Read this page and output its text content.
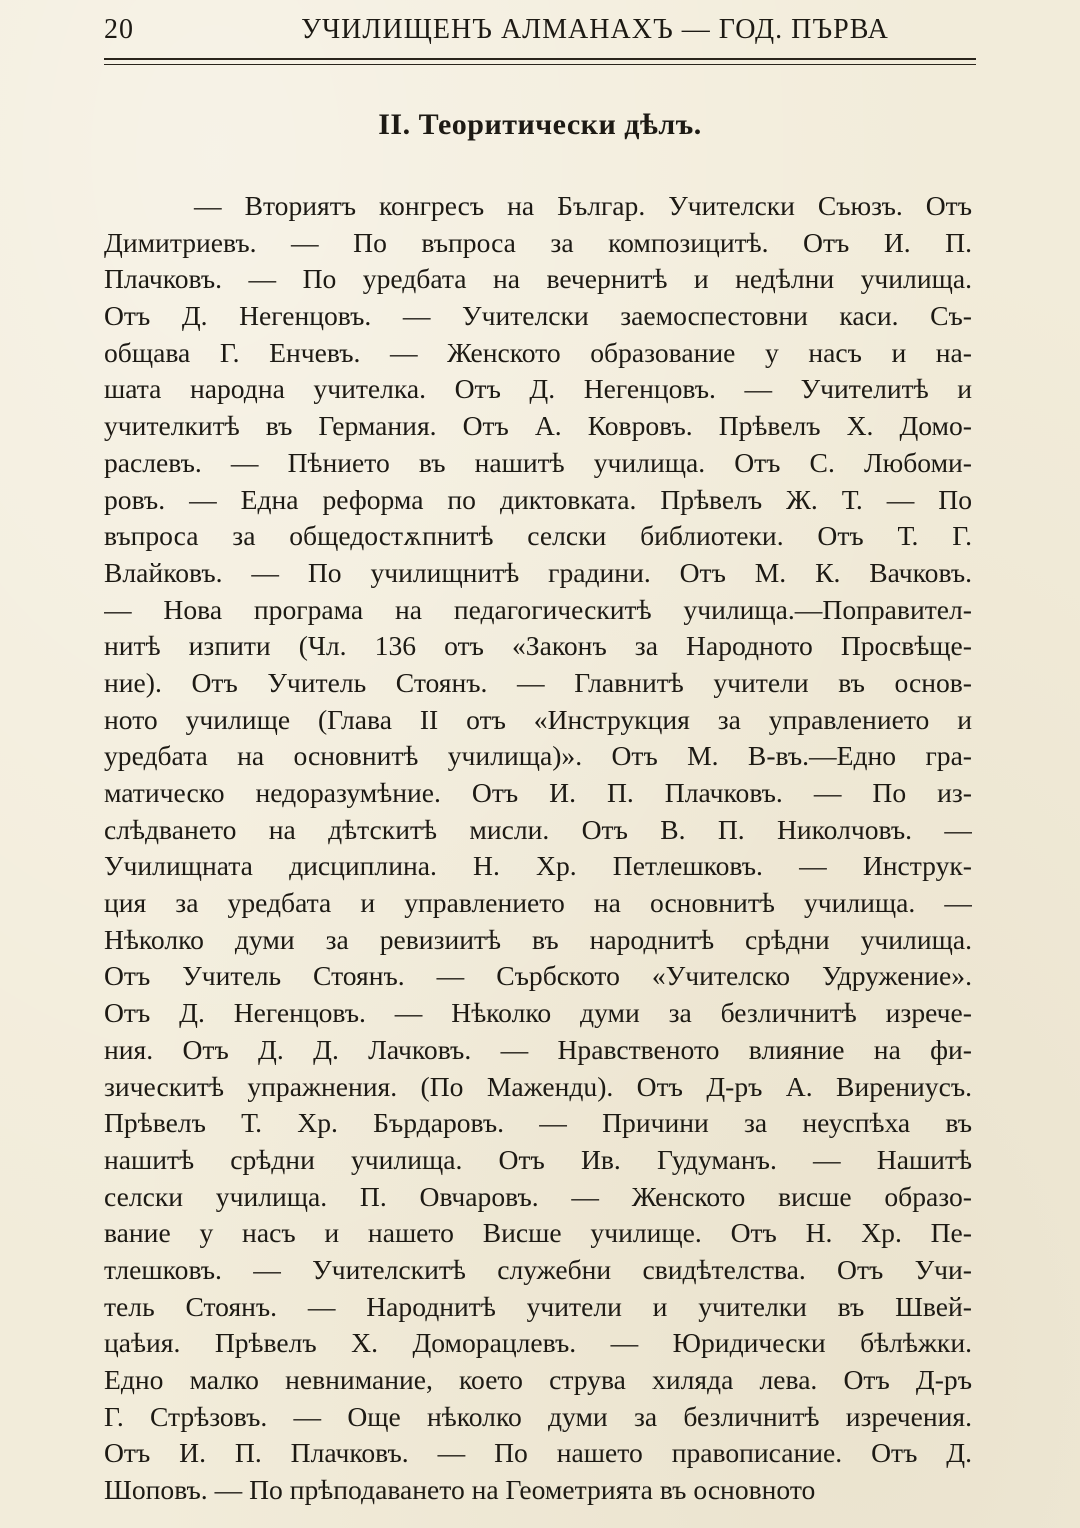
20	УЧИЛИЩЕНЪ АЛМАНАХЪ — ГОД. ПЪРВА
II. Теоритически дѣлъ.
— Вториятъ конгресъ на Българ. Учителски Съюзъ. Отъ
Димитриевъ. — По въпроса за композицитѣ. Отъ И. П.
Плачковъ. — По уредбата на вечернитѣ и недѣлни училища.
Отъ Д. Негенцовъ. — Учителски заемоспестовни каси. Съ-
общава Г. Енчевъ. — Женското образование у насъ и на-
шата народна учителка. Отъ Д. Негенцовъ. — Учителитѣ и
учителкитѣ въ Германия. Отъ А. Ковровъ. Прѣвелъ Х. Домо-
раслевъ. — Пѣнието въ нашитѣ училища. Отъ С. Любоми-
ровъ. — Една реформа по диктовката. Прѣвелъ Ж. Т. — По
въпроса за общедостѫпнитѣ селски библиотеки. Отъ Т. Г.
Влайковъ. — По училищнитѣ градини. Отъ М. К. Вачковъ.
— Нова програма на педагогическитѣ училища.—Поправител-
нитѣ изпити (Чл. 136 отъ «Законъ за Народното Просвѣще-
ние). Отъ Учитель Стоянъ. — Главнитѣ учители въ основ-
ното училище (Глава II отъ «Инструкция за управлението и
уредбата на основнитѣ училища)». Отъ М. В-въ.—Едно гра-
матическо недоразумѣние. Отъ И. П. Плачковъ. — По из-
слѣдването на дѣтскитѣ мисли. Отъ В. П. Николчовъ. —
Училищната дисциплина. Н. Хр. Петлешковъ. — Инструк-
ция за уредбата и управлението на основнитѣ училища. —
Нѣколко думи за ревизиитѣ въ народнитѣ срѣдни училища.
Отъ Учитель Стоянъ. — Сърбското «Учителско Удружение».
Отъ Д. Негенцовъ. — Нѣколко думи за безличнитѣ изрече-
ния. Отъ Д. Д. Лачковъ. — Нравственото влияние на фи-
зическитѣ упражнения. (По Мажендu). Отъ Д-ръ А. Вирениусъ.
Прѣвелъ Т. Хр. Бърдаровъ. — Причини за неуспѣха въ
нашитѣ срѣдни училища. Отъ Ив. Гудуманъ. — Нашитѣ
селски училища. П. Овчаровъ. — Женското висше образо-
вание у насъ и нашето Висше училище. Отъ Н. Хр. Пе-
тлешковъ. — Учителскитѣ служебни свидѣтелства. Отъ Учи-
тель Стоянъ. — Народнитѣ учители и учителки въ Швей-
цаѣия. Прѣвелъ Х. Доморацлевъ. — Юридически бѣлѣжки.
Едно малко невнимание, което струва хиляда лева. Отъ Д-ръ
Г. Стрѣзовъ. — Още нѣколко думи за безличнитѣ изречения.
Отъ И. П. Плачковъ. — По нашето правописание. Отъ Д.
Шоповъ. — По прѣподаването на Геометрията въ основното
